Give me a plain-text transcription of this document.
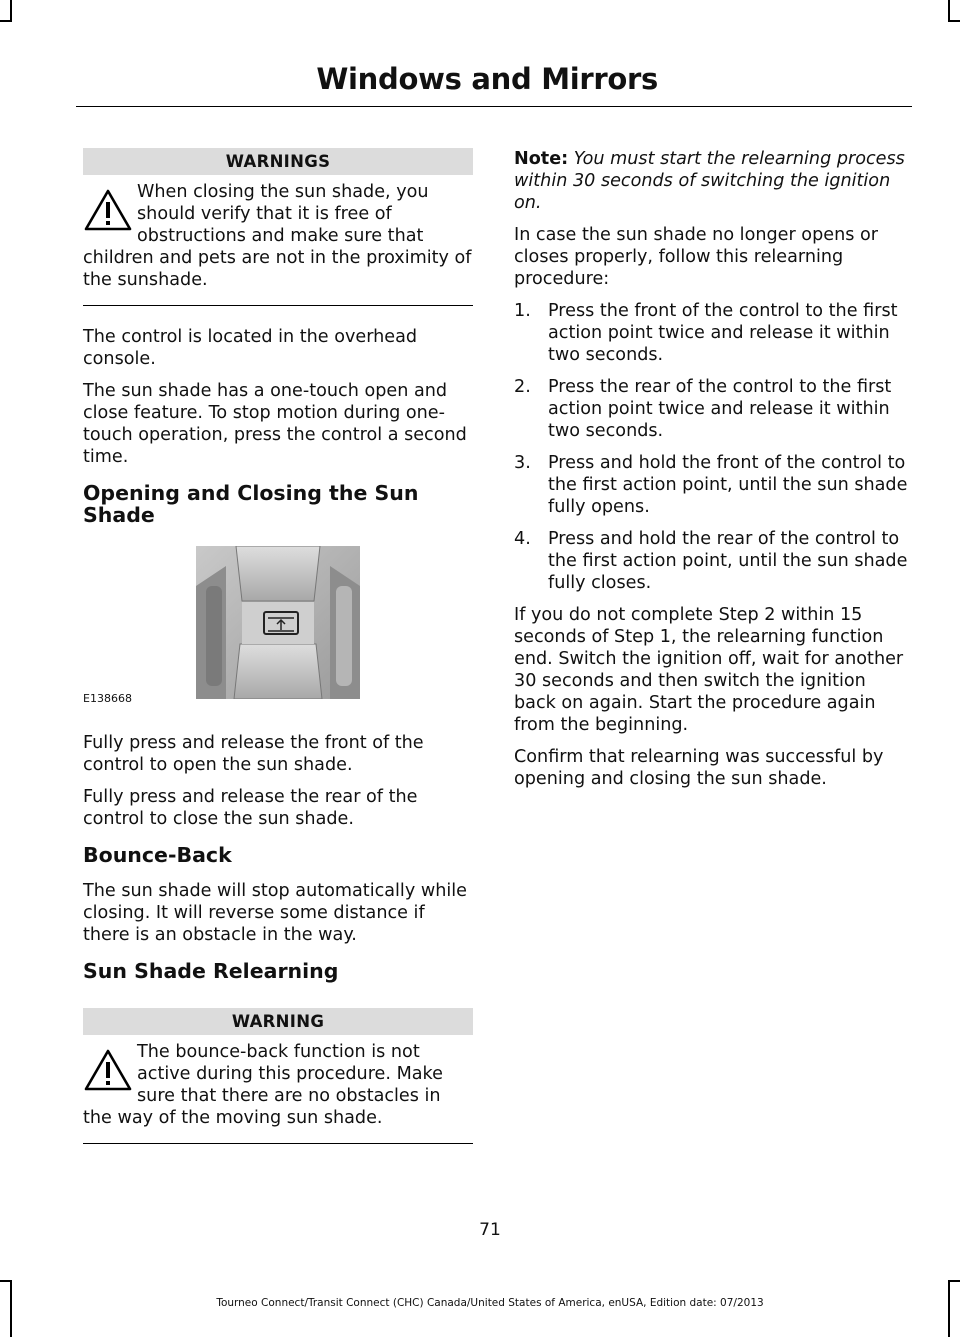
Windows and Mirrors
WARNINGS
When closing the sun shade, you should verify that it is free of obstructions and make sure that children and pets are not in the proximity of the sunshade.

The control is located in the overhead console.

The sun shade has a one-touch open and close feature. To stop motion during one-touch operation, press the control a second time.

Opening and Closing the Sun Shade
E138668

Fully press and release the front of the control to open the sun shade.

Fully press and release the rear of the control to close the sun shade.

Bounce-Back

The sun shade will stop automatically while closing. It will reverse some distance if there is an obstacle in the way.

Sun Shade Relearning
WARNING
The bounce-back function is not active during this procedure. Make sure that there are no obstacles in the way of the moving sun shade.

Note: You must start the relearning process within 30 seconds of switching the ignition on.

In case the sun shade no longer opens or closes properly, follow this relearning procedure:

1. Press the front of the control to the first action point twice and release it within two seconds.
2. Press the rear of the control to the first action point twice and release it within two seconds.
3. Press and hold the front of the control to the first action point, until the sun shade fully opens.
4. Press and hold the rear of the control to the first action point, until the sun shade fully closes.

If you do not complete Step 2 within 15 seconds of Step 1, the relearning function end. Switch the ignition off, wait for another 30 seconds and then switch the ignition back on again. Start the procedure again from the beginning.

Confirm that relearning was successful by opening and closing the sun shade.

71
Tourneo Connect/Transit Connect (CHC) Canada/United States of America, enUSA, Edition date: 07/2013
